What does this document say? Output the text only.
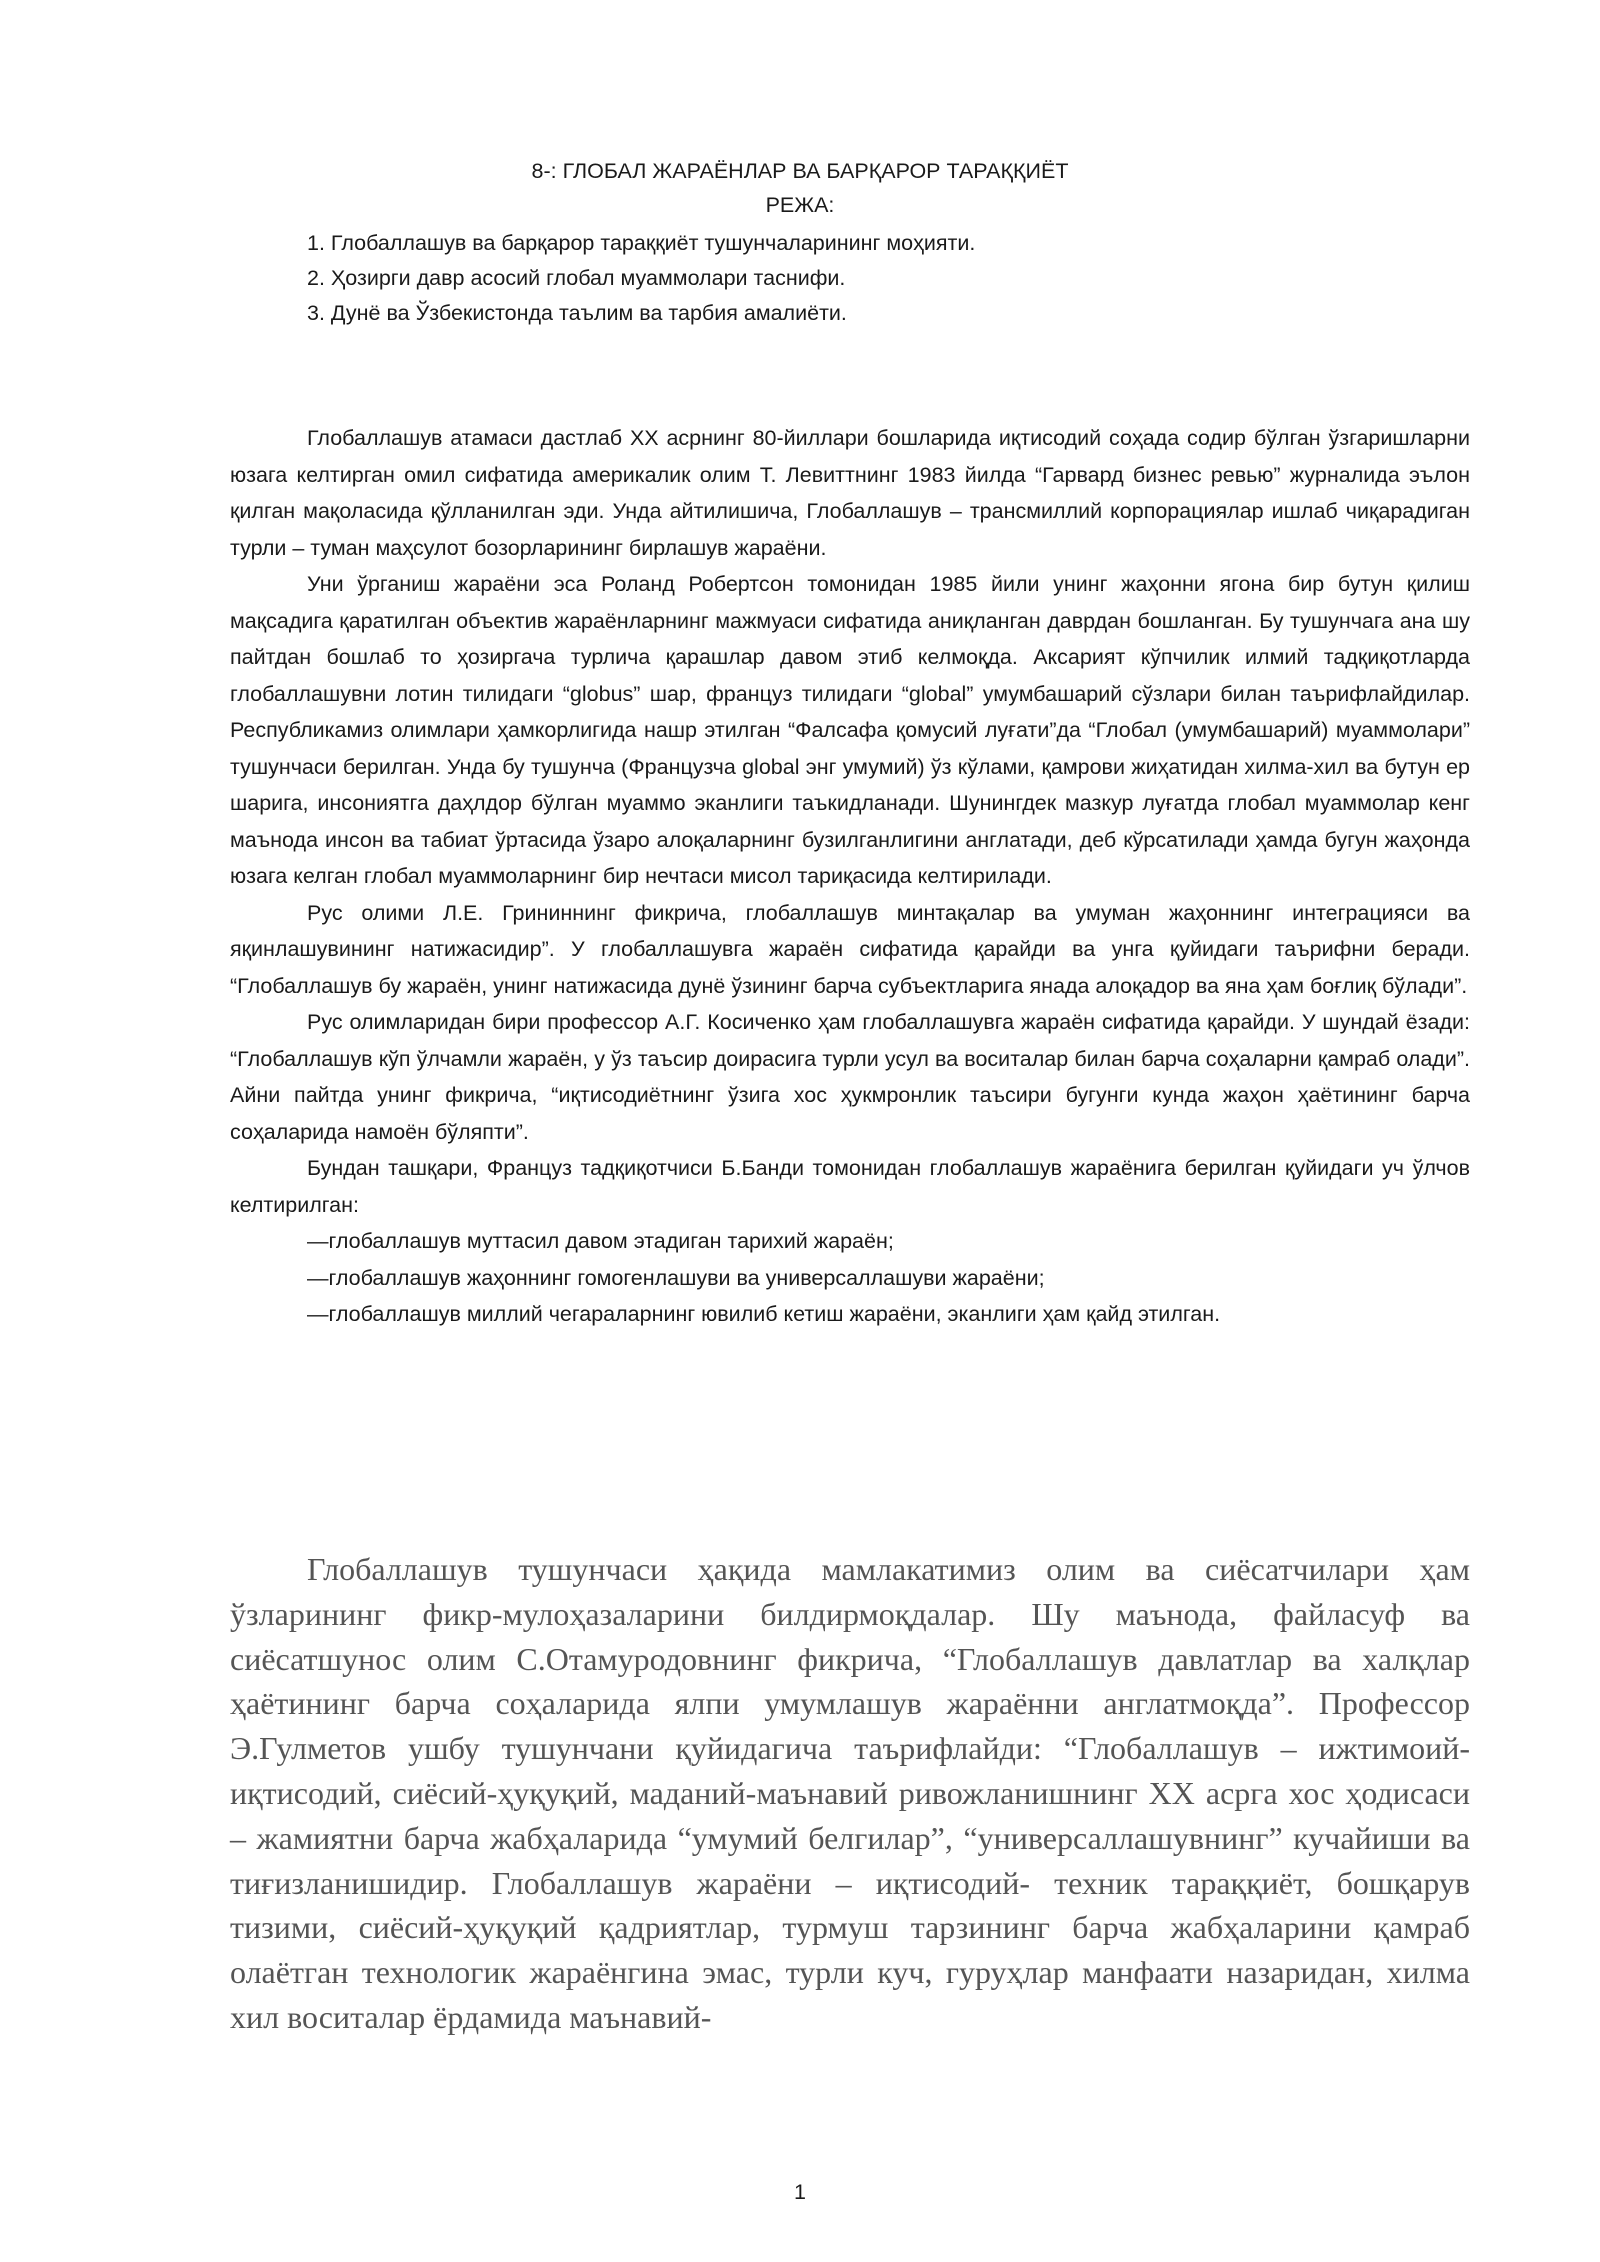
8-: ГЛОБАЛ ЖАРАЁНЛАР ВА БАРҚАРОР ТАРАҚҚИЁТ
РЕЖА:
1. Глобаллашув ва барқарор тараққиёт тушунчаларининг моҳияти.
2. Ҳозирги давр асосий глобал муаммолари таснифи.
3. Дунё ва Ўзбекистонда таълим ва тарбия амалиёти.

Глобаллашув атамаси дастлаб XX асрнинг 80-йиллари бошларида иқтисодий соҳада содир бўлган ўзгаришларни юзага келтирган омил сифатида америкалик олим Т. Левиттнинг 1983 йилда “Гарвард бизнес ревью” журналида эълон қилган мақоласида қўлланилган эди. Унда айтилишича, Глобаллашув – трансмиллий корпорациялар ишлаб чиқарадиган турли – туман маҳсулот бозорларининг бирлашув жараёни.

Уни ўрганиш жараёни эса Роланд Робертсон томонидан 1985 йили унинг жаҳонни ягона бир бутун қилиш мақсадига қаратилган объектив жараёнларнинг мажмуаси сифатида аниқланган даврдан бошланган. Бу тушунчага ана шу пайтдан бошлаб то ҳозиргача турлича қарашлар давом этиб келмоқда. Аксарият кўпчилик илмий тадқиқотларда глобаллашувни лотин тилидаги “globus” шар, француз тилидаги “global” умумбашарий сўзлари билан таърифлайдилар. Республикамиз олимлари ҳамкорлигида нашр этилган “Фалсафа қомусий луғати”да “Глобал (умумбашарий) муаммолари” тушунчаси берилган. Унда бу тушунча (Французча global энг умумий) ўз кўлами, қамрови жиҳатидан хилма-хил ва бутун ер шарига, инсониятга даҳлдор бўлган муаммо эканлиги таъкидланади. Шунингдек мазкур луғатда глобал муаммолар кенг маънода инсон ва табиат ўртасида ўзаро алоқаларнинг бузилганлигини англатади, деб кўрсатилади ҳамда бугун жаҳонда юзага келган глобал муаммоларнинг бир нечтаси мисол тариқасида келтирилади.

Рус олими Л.Е. Грининнинг фикрича, глобаллашув минтақалар ва умуман жаҳоннинг интеграцияси ва яқинлашувининг натижасидир”. У глобаллашувга жараён сифатида қарайди ва унга қуйидаги таърифни беради. “Глобаллашув бу жараён, унинг натижасида дунё ўзининг барча субъектларига янада алоқадор ва яна ҳам боғлиқ бўлади”.

Рус олимларидан бири профессор А.Г. Косиченко ҳам глобаллашувга жараён сифатида қарайди. У шундай ёзади: “Глобаллашув кўп ўлчамли жараён, у ўз таъсир доирасига турли усул ва воситалар билан барча соҳаларни қамраб олади”. Айни пайтда унинг фикрича, “иқтисодиётнинг ўзига хос ҳукмронлик таъсири бугунги кунда жаҳон ҳаётининг барча соҳаларида намоён бўляпти”.

Бундан ташқари, Француз тадқиқотчиси Б.Банди томонидан глобаллашув жараёнига берилган қуйидаги уч ўлчов келтирилган:

—глобаллашув муттасил давом этадиган тарихий жараён;
—глобаллашув жаҳоннинг гомогенлашуви ва универсаллашуви жараёни;
—глобаллашув миллий чегараларнинг ювилиб кетиш жараёни, эканлиги ҳам қайд этилган.

Глобаллашув тушунчаси ҳақида мамлакатимиз олим ва сиёсатчилари ҳам ўзларининг фикр-мулоҳазаларини билдирмоқдалар. Шу маънода, файласуф ва сиёсатшунос олим С.Отамуродовнинг фикрича, “Глобаллашув давлатлар ва халқлар ҳаётининг барча соҳаларида ялпи умумлашув жараённи англатмоқда”. Профессор Э.Гулметов ушбу тушунчани қуйидагича таърифлайди: “Глобаллашув – ижтимоий-иқтисодий, сиёсий-ҳуқуқий, маданий-маънавий ривожланишнинг XX асрга хос ҳодисаси – жамиятни барча жабҳаларида “умумий белгилар”, “универсаллашувнинг” кучайиши ва тиғизланишидир. Глобаллашув жараёни – иқтисодий- техник тараққиёт, бошқарув тизими, сиёсий-ҳуқуқий қадриятлар, турмуш тарзининг барча жабҳаларини қамраб олаётган технологик жараёнгина эмас, турли куч, гуруҳлар манфаати назаридан, хилма хил воситалар ёрдамида маънавий-

1
